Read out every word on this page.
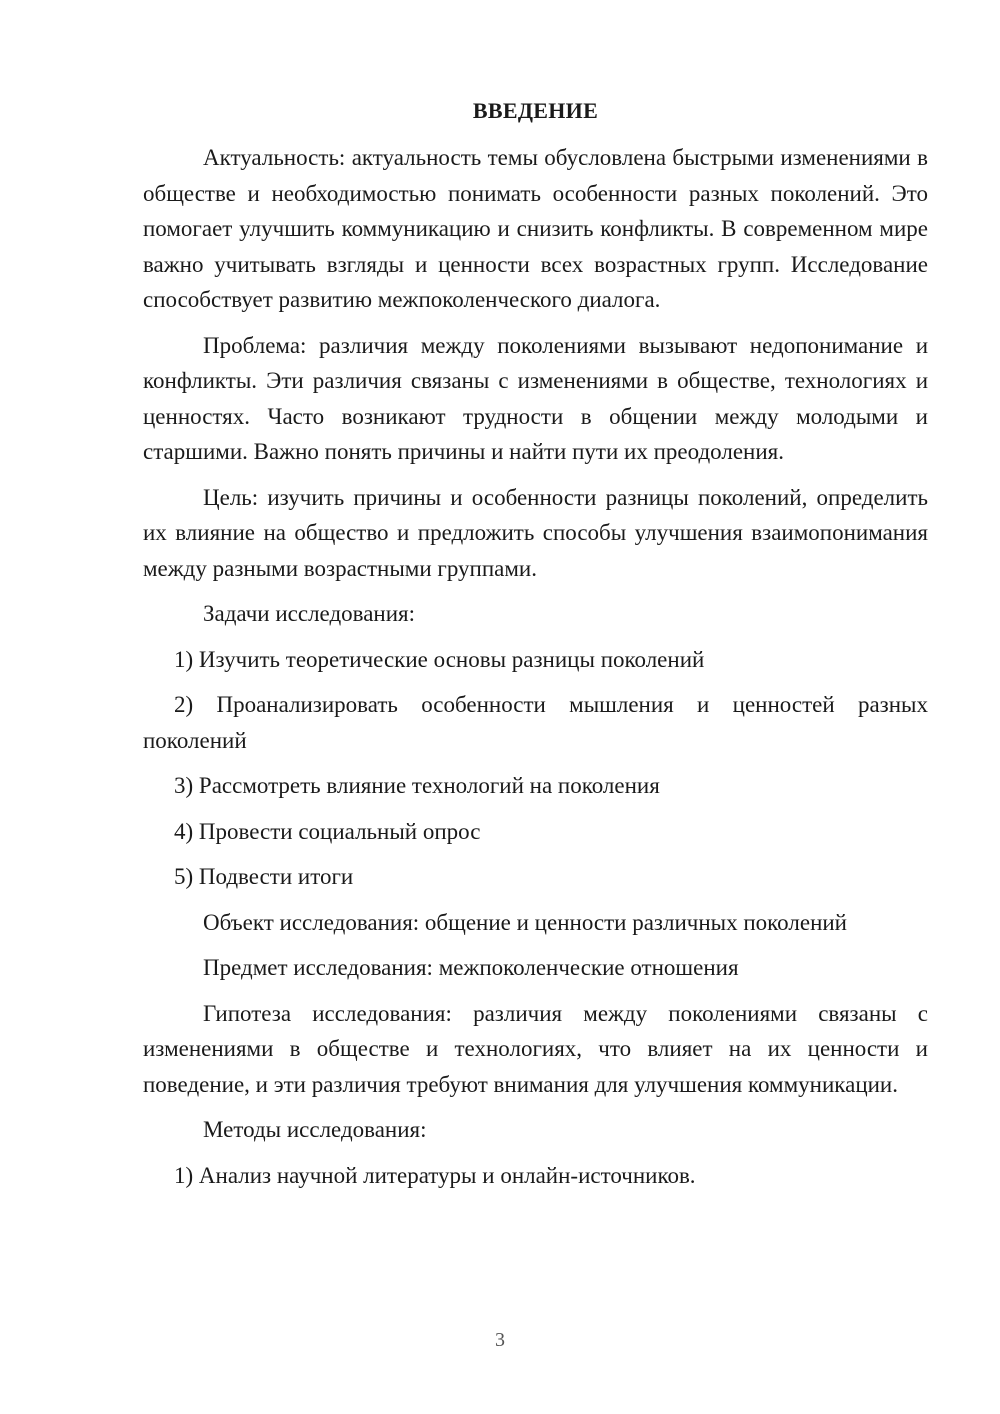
ВВЕДЕНИЕ

Актуальность: актуальность темы обусловлена быстрыми изменениями в обществе и необходимостью понимать особенности разных поколений. Это помогает улучшить коммуникацию и снизить конфликты. В современном мире важно учитывать взгляды и ценности всех возрастных групп. Исследование способствует развитию межпоколенческого диалога.

Проблема: различия между поколениями вызывают недопонимание и конфликты. Эти различия связаны с изменениями в обществе, технологиях и ценностях. Часто возникают трудности в общении между молодыми и старшими. Важно понять причины и найти пути их преодоления.

Цель: изучить причины и особенности разницы поколений, определить их влияние на общество и предложить способы улучшения взаимопонимания между разными возрастными группами.

Задачи исследования:

1) Изучить теоретические основы разницы поколений

2) Проанализировать особенности мышления и ценностей разных поколений

3) Рассмотреть влияние технологий на поколения

4) Провести социальный опрос

5) Подвести итоги

Объект исследования: общение и ценности различных поколений

Предмет исследования: межпоколенческие отношения

Гипотеза исследования: различия между поколениями связаны с изменениями в обществе и технологиях, что влияет на их ценности и поведение, и эти различия требуют внимания для улучшения коммуникации.

Методы исследования:

1) Анализ научной литературы и онлайн-источников.

3
